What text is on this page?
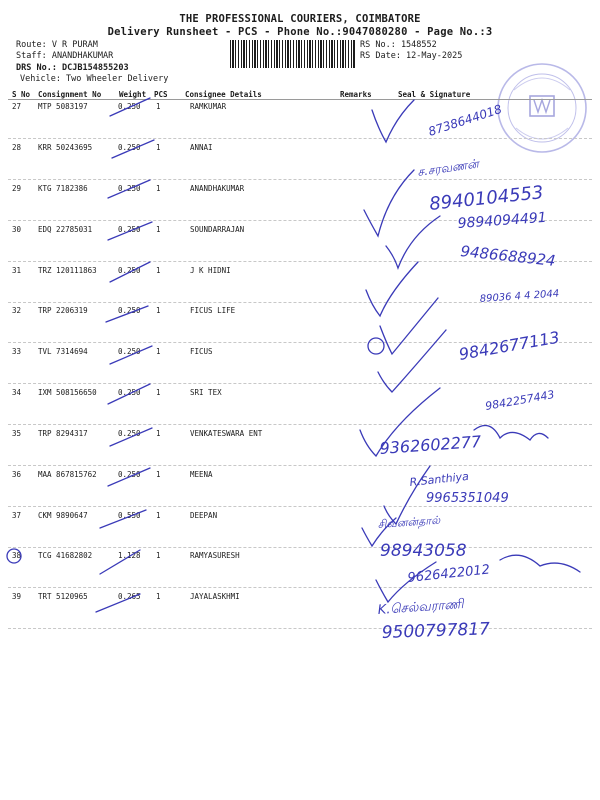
THE PROFESSIONAL COURIERS, COIMBATORE
Delivery Runsheet - PCS - Phone No.:9047080280 - Page No.:3
Route: V R PURAM
Staff: ANANDHAKUMAR
DRS No.: DCJB154855203
Vehicle: Two Wheeler Delivery
RS No.: 1548552
RS Date: 12-May-2025
S No Consignment No Weight PCS Consignee Details	Remarks	Seal & Signature
27 MTP 5083197	0.250 1	RAMKUMAR
28 KRR 50243695	0.250 1	ANNAI
29 KTG 7182386	0.250 1	ANANDHAKUMAR
30 EDQ 22785031	0.250 1	SOUNDARRAJAN
31 TRZ 120111863	0.250 1	J K HIDNI
32 TRP 2206319	0.250 1	FICUS LIFE
33 TVL 7314694	0.250 1	FICUS
34 IXM 508156650	0.250 1	SRI TEX
35 TRP 8294317	0.250 1	VENKATESWARA ENT
36 MAA 867815762	0.250 1	MEENA
37 CKM 9890647	0.550 1	DEEPAN
38 TCG 41682802	1.128 1	RAMYASURESH
39 TRT 5120965	0.265 1	JAYALASKHMI
8738644018
ச.சரவணன்
8940104553
9894094491
9486688924
89036 4 4 2044
9842677113
9842257443
9362602277
R.Santhiya
9965351049
சிவனன்தால்
98943058
9626422012
K.செல்வராணி
9500797817
